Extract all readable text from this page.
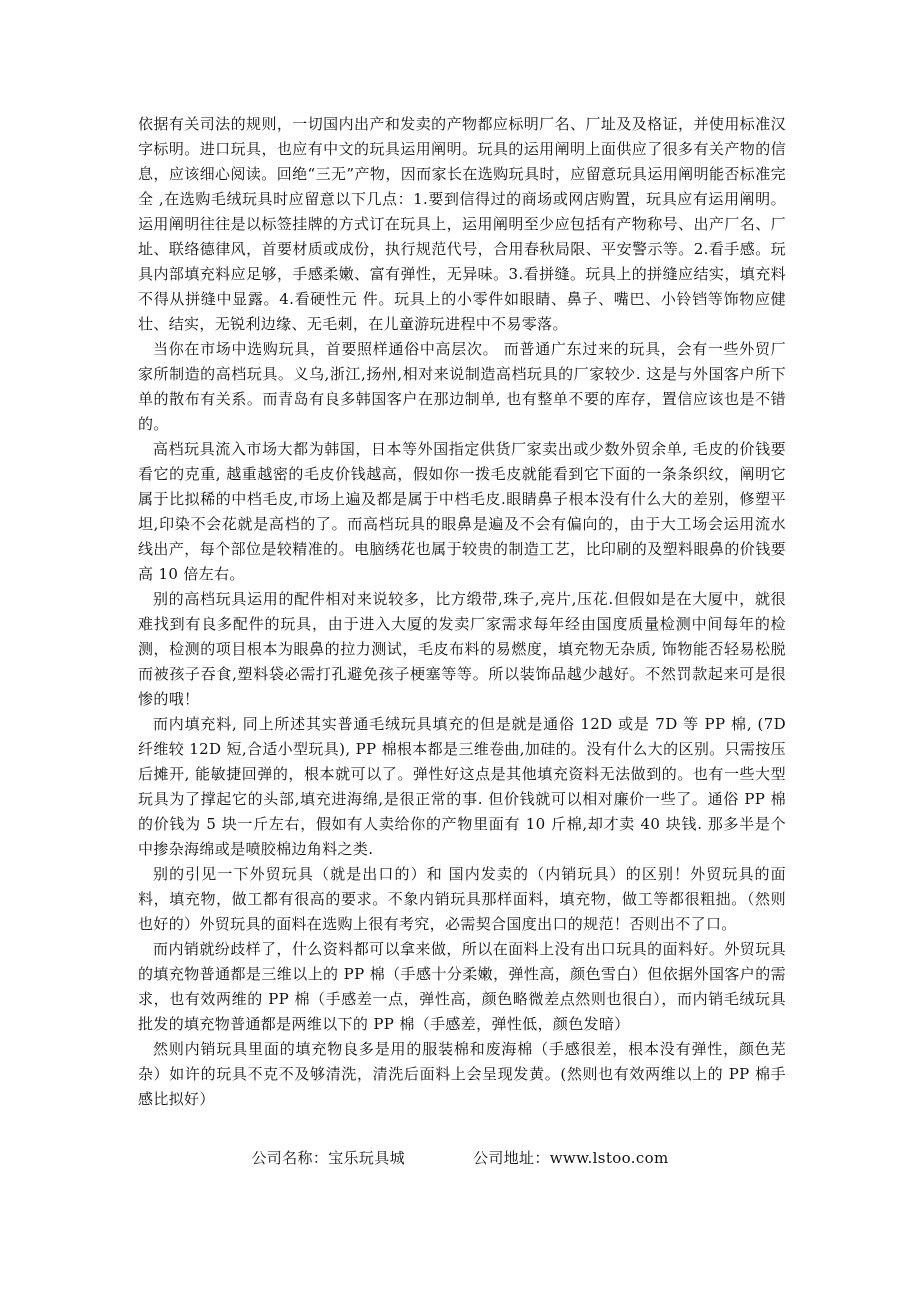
依据有关司法的规则，一切国内出产和发卖的产物都应标明厂名、厂址及及格证，并使用标准汉字标明。进口玩具，也应有中文的玩具运用阐明。玩具的运用阐明上面供应了很多有关产物的信息，应该细心阅读。回绝“三无”产物，因而家长在选购玩具时，应留意玩具运用阐明能否标准完全 ,在选购毛绒玩具时应留意以下几点：1.要到信得过的商场或网店购置，玩具应有运用阐明。运用阐明往往是以标签挂牌的方式订在玩具上，运用阐明至少应包括有产物称号、出产厂名、厂址、联络德律风，首要材质或成份，执行规范代号，合用春秋局限、平安警示等。2.看手感。玩具内部填充料应足够，手感柔嫩、富有弹性，无异味。3.看拼缝。玩具上的拼缝应结实，填充料不得从拼缝中显露。4.看硬性元 件。玩具上的小零件如眼睛、鼻子、嘴巴、小铃铛等饰物应健壮、结实，无锐利边缘、无毛刺，在儿童游玩进程中不易零落。

当你在市场中选购玩具，首要照样通俗中高层次。 而普通广东过来的玩具，会有一些外贸厂家所制造的高档玩具。义乌,浙江,扬州,相对来说制造高档玩具的厂家较少. 这是与外国客户所下单的散布有关系。而青岛有良多韩国客户在那边制单, 也有整单不要的库存，置信应该也是不错的。

高档玩具流入市场大都为韩国，日本等外国指定供货厂家卖出或少数外贸余单, 毛皮的价钱要看它的克重, 越重越密的毛皮价钱越高，假如你一拨毛皮就能看到它下面的一条条织纹，阐明它属于比拟稀的中档毛皮,市场上遍及都是属于中档毛皮.眼睛鼻子根本没有什么大的差别，修塑平坦,印染不会花就是高档的了。而高档玩具的眼鼻是遍及不会有偏向的，由于大工场会运用流水线出产，每个部位是较精准的。电脑绣花也属于较贵的制造工艺，比印刷的及塑料眼鼻的价钱要高 10 倍左右。

别的高档玩具运用的配件相对来说较多，比方缎带,珠子,亮片,压花.但假如是在大厦中，就很难找到有良多配件的玩具，由于进入大厦的发卖厂家需求每年经由国度质量检测中间每年的检测，检测的项目根本为眼鼻的拉力测试，毛皮布料的易燃度，填充物无杂质, 饰物能否轻易松脱而被孩子吞食,塑料袋必需打孔避免孩子梗塞等等。所以装饰品越少越好。不然罚款起来可是很惨的哦！

而内填充料, 同上所述其实普通毛绒玩具填充的但是就是通俗 12D 或是 7D 等 PP 棉, (7D 纤维较 12D 短,合适小型玩具), PP 棉根本都是三维卷曲,加硅的。没有什么大的区别。只需按压后摊开, 能敏捷回弹的，根本就可以了。弹性好这点是其他填充资料无法做到的。也有一些大型玩具为了撑起它的头部,填充进海绵,是很正常的事. 但价钱就可以相对廉价一些了。通俗 PP 棉的价钱为 5 块一斤左右，假如有人卖给你的产物里面有 10 斤棉,却才卖 40 块钱. 那多半是个中掺杂海绵或是喷胶棉边角料之类.

别的引见一下外贸玩具（就是出口的）和 国内发卖的（内销玩具）的区别！外贸玩具的面料，填充物，做工都有很高的要求。不象内销玩具那样面料，填充物，做工等都很粗拙。（然则也好的）外贸玩具的面料在选购上很有考究，必需契合国度出口的规范！否则出不了口。

而内销就纷歧样了，什么资料都可以拿来做，所以在面料上没有出口玩具的面料好。外贸玩具的填充物普通都是三维以上的 PP 棉（手感十分柔嫩，弹性高，颜色雪白）但依据外国客户的需求，也有效两维的 PP 棉（手感差一点，弹性高，颜色略微差点然则也很白），而内销毛绒玩具批发的填充物普通都是两维以下的 PP 棉（手感差，弹性低，颜色发暗）

然则内销玩具里面的填充物良多是用的服装棉和废海棉（手感很差，根本没有弹性，颜色芜杂）如许的玩具不克不及够清洗，清洗后面料上会呈现发黄。(然则也有效两维以上的 PP 棉手感比拟好）

公司名称：宝乐玩具城	公司地址：www.lstoo.com
